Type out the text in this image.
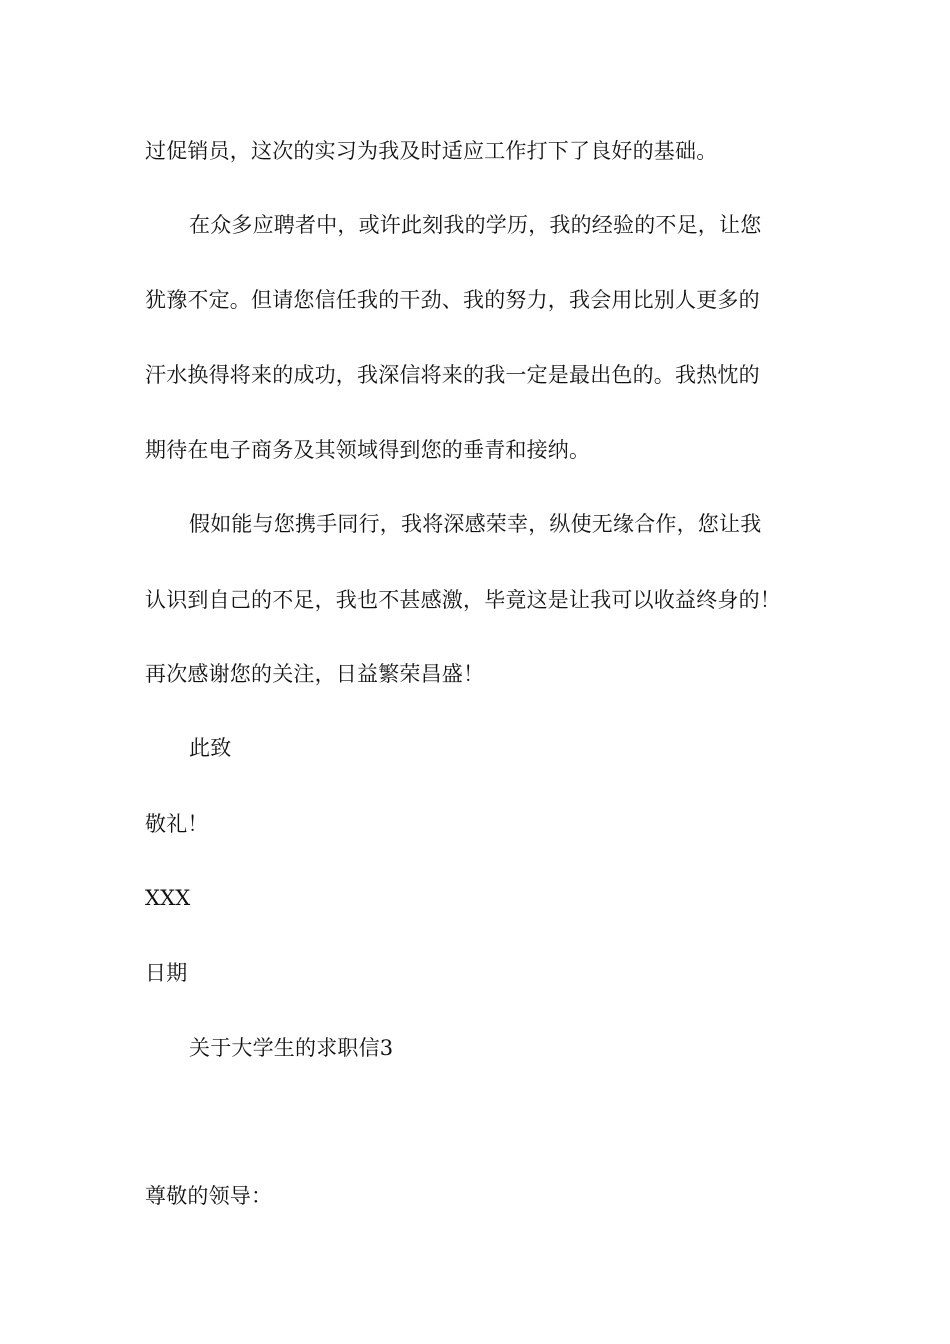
过促销员，这次的实习为我及时适应工作打下了良好的基础。
在众多应聘者中，或许此刻我的学历，我的经验的不足，让您
犹豫不定。但请您信任我的干劲、我的努力，我会用比别人更多的
汗水换得将来的成功，我深信将来的我一定是最出色的。我热忱的
期待在电子商务及其领域得到您的垂青和接纳。
假如能与您携手同行，我将深感荣幸，纵使无缘合作，您让我
认识到自己的不足，我也不甚感激，毕竟这是让我可以收益终身的！
再次感谢您的关注，日益繁荣昌盛！
此致
敬礼！
XXX
日期
关于大学生的求职信3
尊敬的领导：
